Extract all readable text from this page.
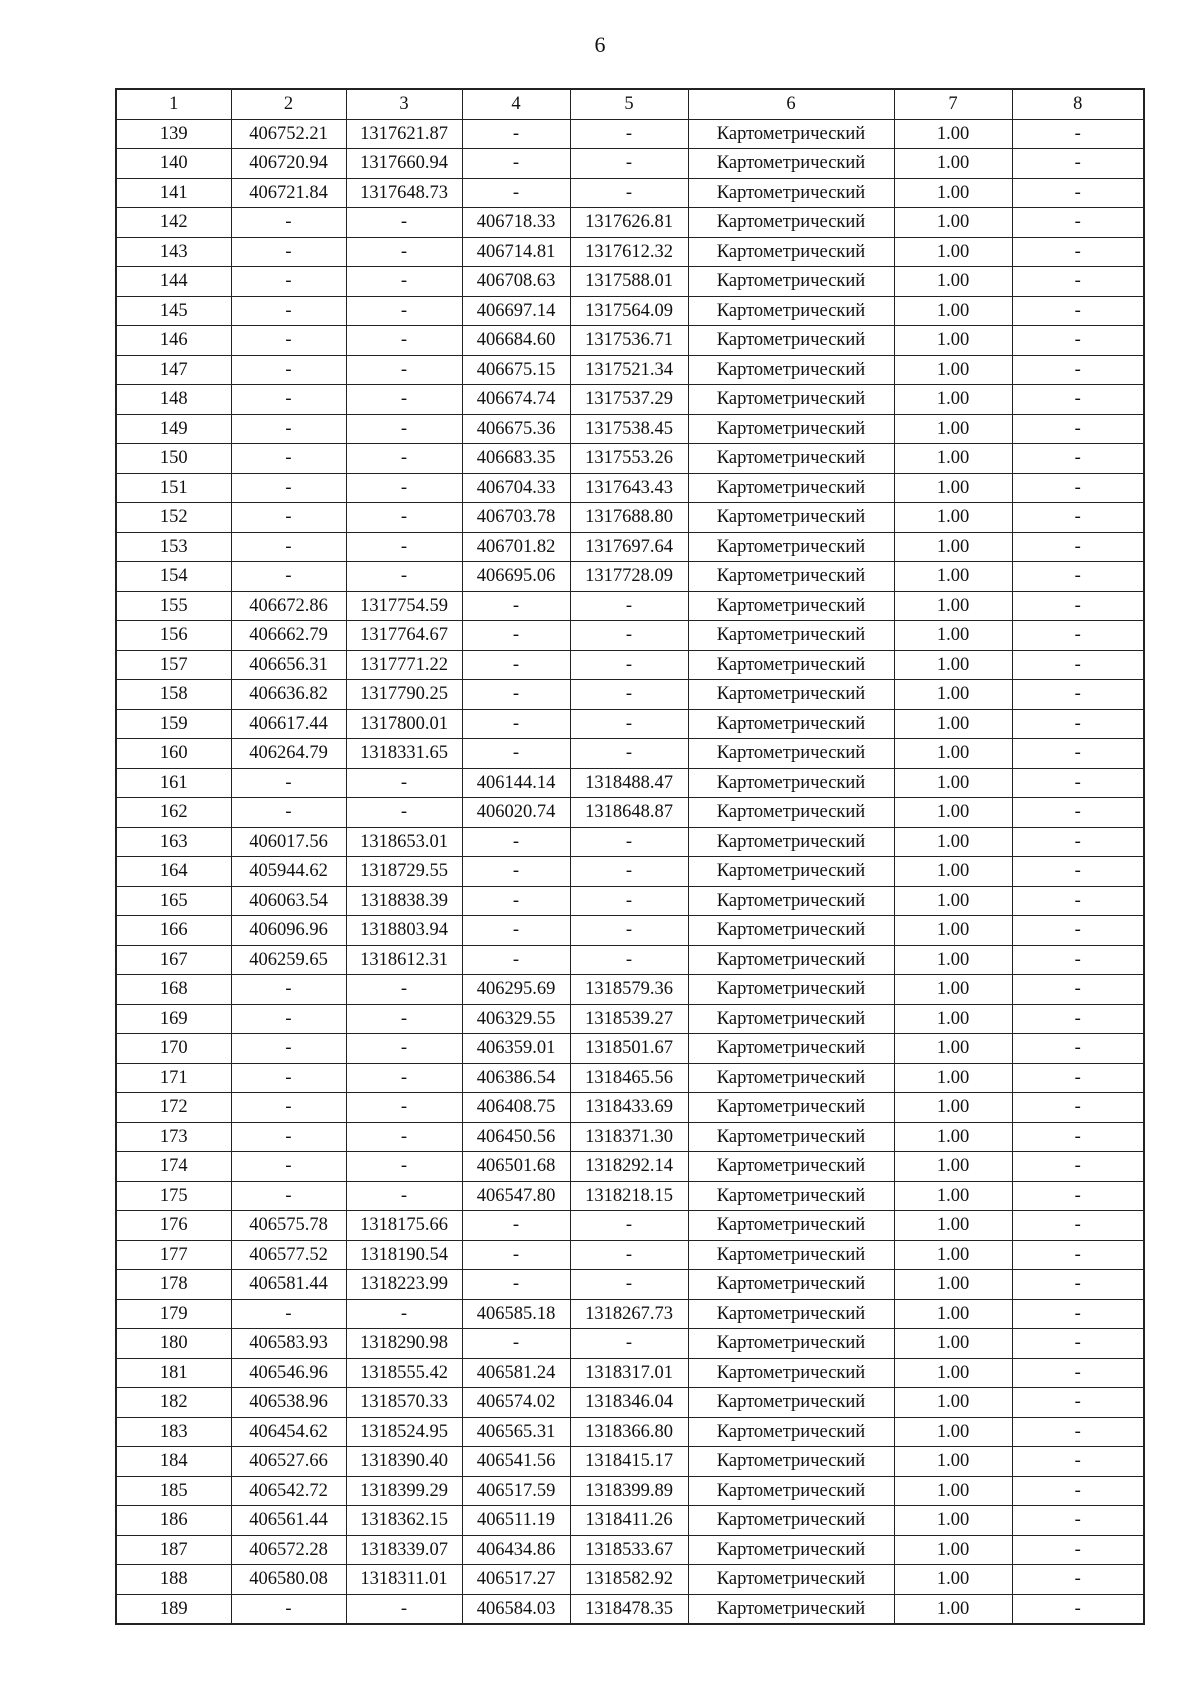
6
1	2	3	4	5	6	7	8
139	406752.21	1317621.87	-	-	Картометрический	1.00	-
140	406720.94	1317660.94	-	-	Картометрический	1.00	-
141	406721.84	1317648.73	-	-	Картометрический	1.00	-
142	-	-	406718.33	1317626.81	Картометрический	1.00	-
143	-	-	406714.81	1317612.32	Картометрический	1.00	-
144	-	-	406708.63	1317588.01	Картометрический	1.00	-
145	-	-	406697.14	1317564.09	Картометрический	1.00	-
146	-	-	406684.60	1317536.71	Картометрический	1.00	-
147	-	-	406675.15	1317521.34	Картометрический	1.00	-
148	-	-	406674.74	1317537.29	Картометрический	1.00	-
149	-	-	406675.36	1317538.45	Картометрический	1.00	-
150	-	-	406683.35	1317553.26	Картометрический	1.00	-
151	-	-	406704.33	1317643.43	Картометрический	1.00	-
152	-	-	406703.78	1317688.80	Картометрический	1.00	-
153	-	-	406701.82	1317697.64	Картометрический	1.00	-
154	-	-	406695.06	1317728.09	Картометрический	1.00	-
155	406672.86	1317754.59	-	-	Картометрический	1.00	-
156	406662.79	1317764.67	-	-	Картометрический	1.00	-
157	406656.31	1317771.22	-	-	Картометрический	1.00	-
158	406636.82	1317790.25	-	-	Картометрический	1.00	-
159	406617.44	1317800.01	-	-	Картометрический	1.00	-
160	406264.79	1318331.65	-	-	Картометрический	1.00	-
161	-	-	406144.14	1318488.47	Картометрический	1.00	-
162	-	-	406020.74	1318648.87	Картометрический	1.00	-
163	406017.56	1318653.01	-	-	Картометрический	1.00	-
164	405944.62	1318729.55	-	-	Картометрический	1.00	-
165	406063.54	1318838.39	-	-	Картометрический	1.00	-
166	406096.96	1318803.94	-	-	Картометрический	1.00	-
167	406259.65	1318612.31	-	-	Картометрический	1.00	-
168	-	-	406295.69	1318579.36	Картометрический	1.00	-
169	-	-	406329.55	1318539.27	Картометрический	1.00	-
170	-	-	406359.01	1318501.67	Картометрический	1.00	-
171	-	-	406386.54	1318465.56	Картометрический	1.00	-
172	-	-	406408.75	1318433.69	Картометрический	1.00	-
173	-	-	406450.56	1318371.30	Картометрический	1.00	-
174	-	-	406501.68	1318292.14	Картометрический	1.00	-
175	-	-	406547.80	1318218.15	Картометрический	1.00	-
176	406575.78	1318175.66	-	-	Картометрический	1.00	-
177	406577.52	1318190.54	-	-	Картометрический	1.00	-
178	406581.44	1318223.99	-	-	Картометрический	1.00	-
179	-	-	406585.18	1318267.73	Картометрический	1.00	-
180	406583.93	1318290.98	-	-	Картометрический	1.00	-
181	406546.96	1318555.42	406581.24	1318317.01	Картометрический	1.00	-
182	406538.96	1318570.33	406574.02	1318346.04	Картометрический	1.00	-
183	406454.62	1318524.95	406565.31	1318366.80	Картометрический	1.00	-
184	406527.66	1318390.40	406541.56	1318415.17	Картометрический	1.00	-
185	406542.72	1318399.29	406517.59	1318399.89	Картометрический	1.00	-
186	406561.44	1318362.15	406511.19	1318411.26	Картометрический	1.00	-
187	406572.28	1318339.07	406434.86	1318533.67	Картометрический	1.00	-
188	406580.08	1318311.01	406517.27	1318582.92	Картометрический	1.00	-
189	-	-	406584.03	1318478.35	Картометрический	1.00	-
